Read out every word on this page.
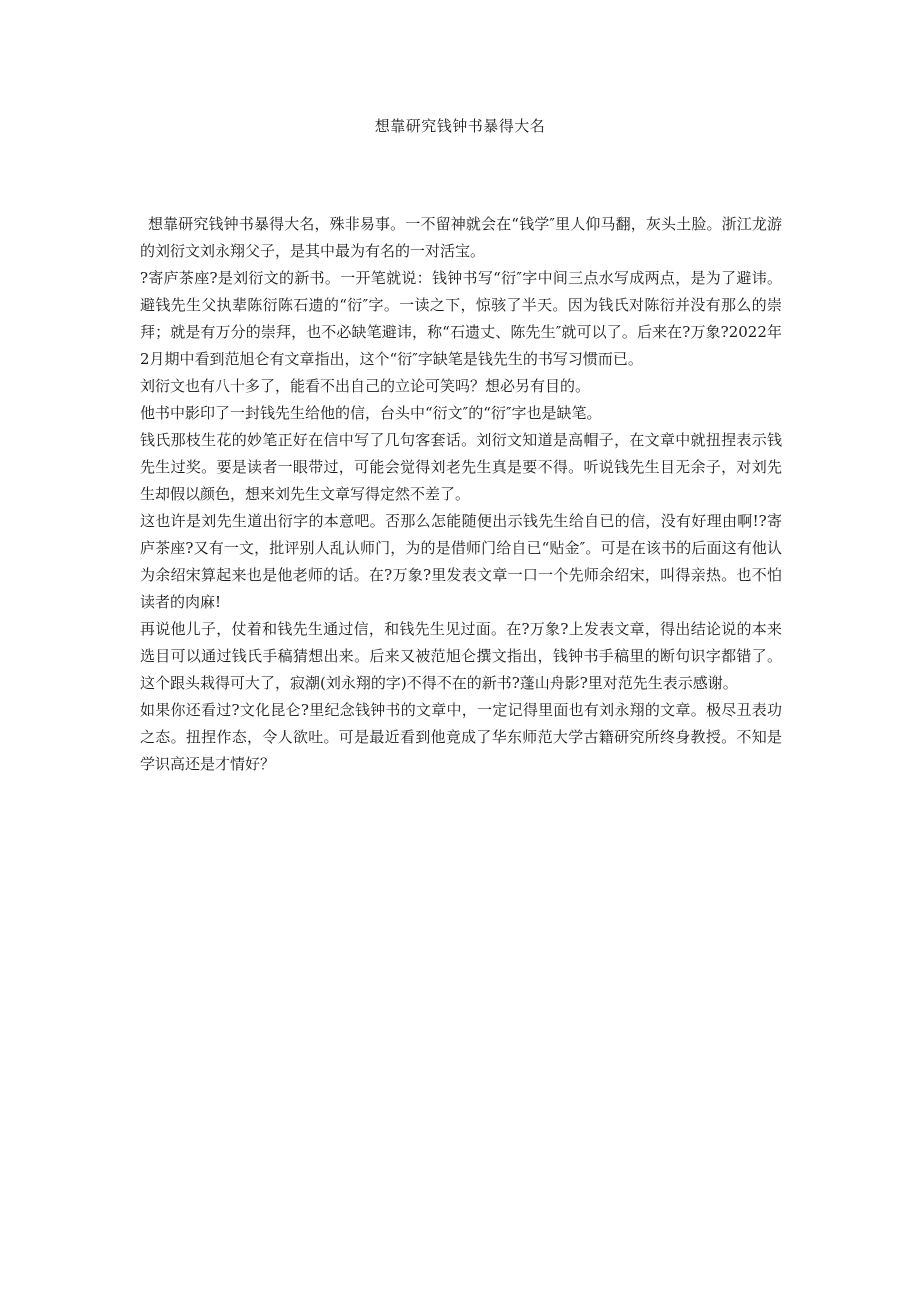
想靠研究钱钟书暴得大名

想靠研究钱钟书暴得大名，殊非易事。一不留神就会在“钱学″里人仰马翻，灰头土脸。浙江龙游的刘衍文刘永翔父子，是其中最为有名的一对活宝。

?寄庐茶座?是刘衍文的新书。一开笔就说：钱钟书写“衍″字中间三点水写成两点，是为了避讳。避钱先生父执辈陈衍陈石遗的“衍″字。一读之下，惊骇了半天。因为钱氏对陈衍并没有那么的崇拜；就是有万分的崇拜，也不必缺笔避讳，称“石遗丈、陈先生″就可以了。后来在?万象?2022年2月期中看到范旭仑有文章指出，这个“衍″字缺笔是钱先生的书写习惯而已。

刘衍文也有八十多了，能看不出自己的立论可笑吗？想必另有目的。

他书中影印了一封钱先生给他的信，台头中“衍文″的“衍″字也是缺笔。

钱氏那枝生花的妙笔正好在信中写了几句客套话。刘衍文知道是高帽子，在文章中就扭捏表示钱先生过奖。要是读者一眼带过，可能会觉得刘老先生真是要不得。听说钱先生目无余子，对刘先生却假以颜色，想来刘先生文章写得定然不差了。

这也许是刘先生道出衍字的本意吧。否那么怎能随便出示钱先生给自已的信，没有好理由啊!?寄庐茶座?又有一文，批评别人乱认师门，为的是借师门给自已“贴金″。可是在该书的后面这有他认为余绍宋算起来也是他老师的话。在?万象?里发表文章一口一个先师余绍宋，叫得亲热。也不怕读者的肉麻!

再说他儿子，仗着和钱先生通过信，和钱先生见过面。在?万象?上发表文章，得出结论说的本来选目可以通过钱氏手稿猜想出来。后来又被范旭仑撰文指出，钱钟书手稿里的断句识字都错了。这个跟头栽得可大了，寂潮(刘永翔的字)不得不在的新书?蓬山舟影?里对范先生表示感谢。

如果你还看过?文化昆仑?里纪念钱钟书的文章中，一定记得里面也有刘永翔的文章。极尽丑表功之态。扭捏作态，令人欲吐。可是最近看到他竟成了华东师范大学古籍研究所终身教授。不知是学识高还是才情好？
